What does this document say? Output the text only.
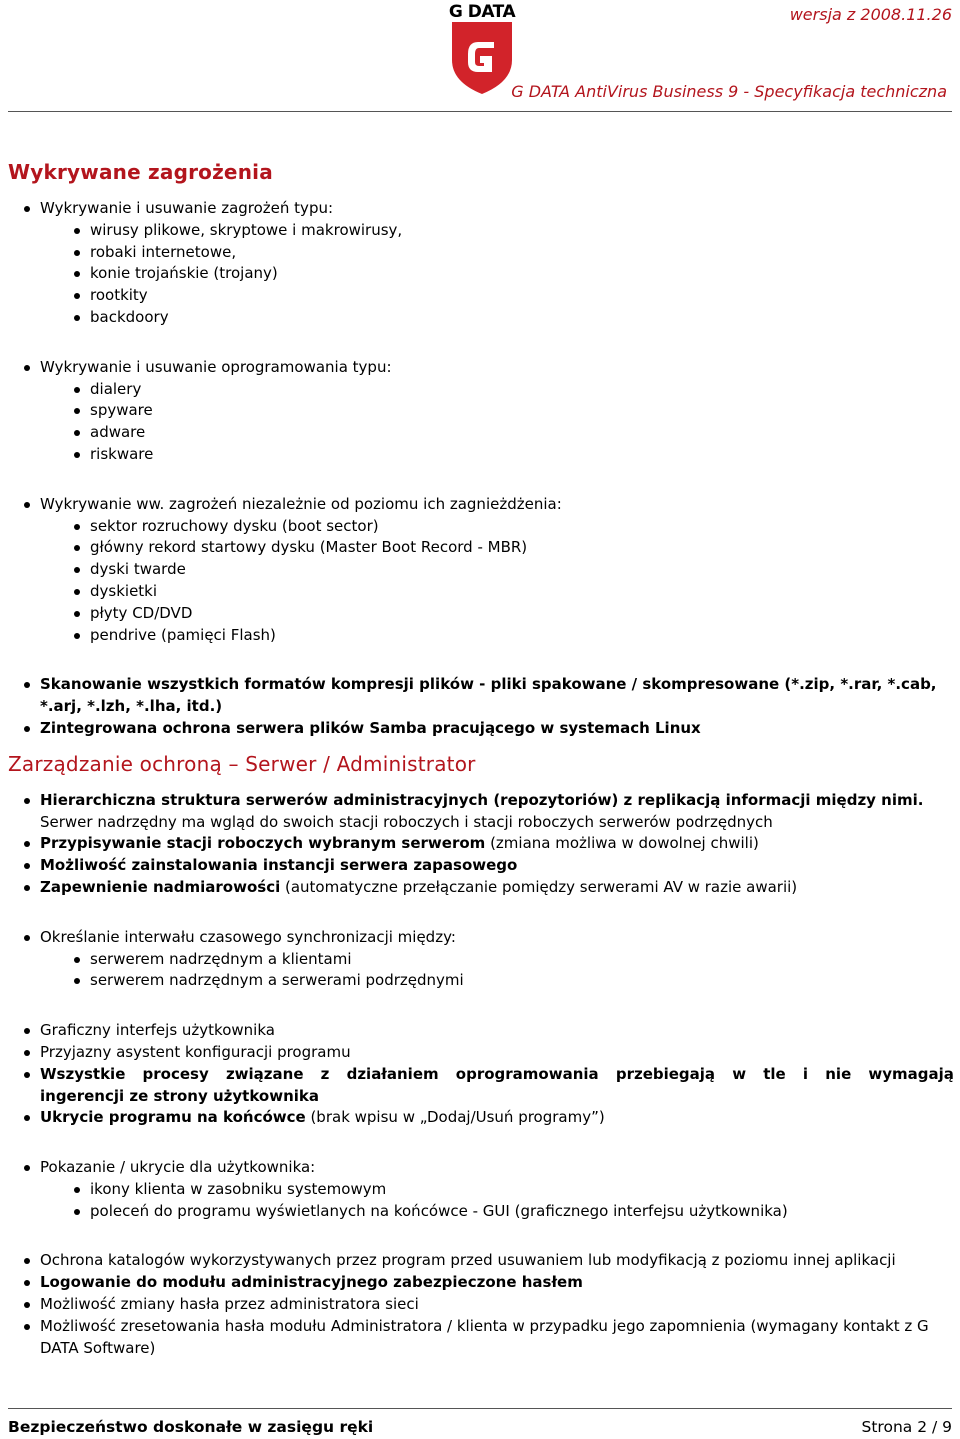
G DATA	wersja z 2008.11.26
G DATA AntiVirus Business 9 - Specyfikacja techniczna
Wykrywane zagrożenia
Wykrywanie i usuwanie zagrożeń typu:
wirusy plikowe, skryptowe i makrowirusy,
robaki internetowe,
konie trojańskie (trojany)
rootkity
backdoory
Wykrywanie i usuwanie oprogramowania typu:
dialery
spyware
adware
riskware
Wykrywanie ww. zagrożeń niezależnie od poziomu ich zagnieżdżenia:
sektor rozruchowy dysku (boot sector)
główny rekord startowy dysku (Master Boot Record - MBR)
dyski twarde
dyskietki
płyty CD/DVD
pendrive (pamięci Flash)
Skanowanie wszystkich formatów kompresji plików - pliki spakowane / skompresowane (*.zip, *.rar, *.cab, *.arj, *.lzh, *.lha, itd.)
Zintegrowana ochrona serwera plików Samba pracującego w systemach Linux
Zarządzanie ochroną – Serwer / Administrator
Hierarchiczna struktura serwerów administracyjnych (repozytoriów) z replikacją informacji między nimi. Serwer nadrzędny ma wgląd do swoich stacji roboczych i stacji roboczych serwerów podrzędnych
Przypisywanie stacji roboczych wybranym serwerom (zmiana możliwa w dowolnej chwili)
Możliwość zainstalowania instancji serwera zapasowego
Zapewnienie nadmiarowości (automatyczne przełączanie pomiędzy serwerami AV w razie awarii)
Określanie interwału czasowego synchronizacji między:
serwerem nadrzędnym a klientami
serwerem nadrzędnym a serwerami podrzędnymi
Graficzny interfejs użytkownika
Przyjazny asystent konfiguracji programu
Wszystkie procesy związane z działaniem oprogramowania przebiegają w tle i nie wymagają
ingerencji ze strony użytkownika
Ukrycie programu na końcówce (brak wpisu w „Dodaj/Usuń programy”)
Pokazanie / ukrycie dla użytkownika:
ikony klienta w zasobniku systemowym
poleceń do programu wyświetlanych na końcówce - GUI (graficznego interfejsu użytkownika)
Ochrona katalogów wykorzystywanych przez program przed usuwaniem lub modyfikacją z poziomu innej aplikacji
Logowanie do modułu administracyjnego zabezpieczone hasłem
Możliwość zmiany hasła przez administratora sieci
Możliwość zresetowania hasła modułu Administratora / klienta w przypadku jego zapomnienia (wymagany kontakt z G DATA Software)
Bezpieczeństwo doskonałe w zasięgu ręki	Strona 2 / 9
